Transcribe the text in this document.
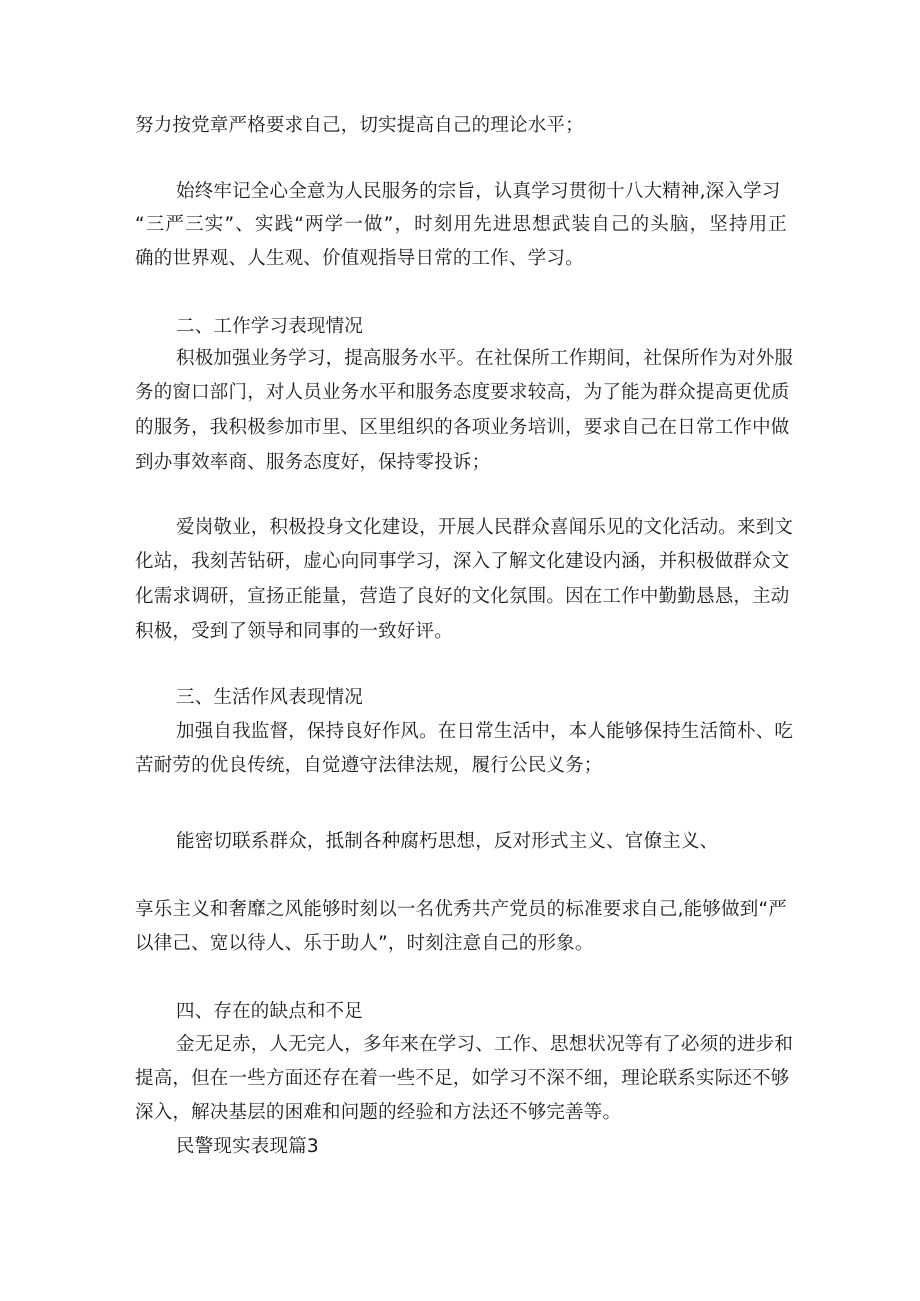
努力按党章严格要求自己，切实提高自己的理论水平；
始终牢记全心全意为人民服务的宗旨，认真学习贯彻十八大精神,深入学习
“三严三实”、实践“两学一做”，时刻用先进思想武装自己的头脑，坚持用正
确的世界观、人生观、价值观指导日常的工作、学习。
二、工作学习表现情况
积极加强业务学习，提高服务水平。在社保所工作期间，社保所作为对外服
务的窗口部门，对人员业务水平和服务态度要求较高，为了能为群众提高更优质
的服务，我积极参加市里、区里组织的各项业务培训，要求自己在日常工作中做
到办事效率商、服务态度好，保持零投诉；
爱岗敬业，积极投身文化建设，开展人民群众喜闻乐见的文化活动。来到文
化站，我刻苦钻研，虚心向同事学习，深入了解文化建设内涵，并积极做群众文
化需求调研，宣扬正能量，营造了良好的文化氛围。因在工作中勤勤恳恳，主动
积极，受到了领导和同事的一致好评。
三、生活作风表现情况
加强自我监督，保持良好作风。在日常生活中，本人能够保持生活简朴、吃
苦耐劳的优良传统，自觉遵守法律法规，履行公民义务；
能密切联系群众，抵制各种腐朽思想，反对形式主义、官僚主义、
享乐主义和奢靡之风能够时刻以一名优秀共产党员的标准要求自己,能够做到“严
以律己、宽以待人、乐于助人”，时刻注意自己的形象。
四、存在的缺点和不足
金无足赤，人无完人，多年来在学习、工作、思想状况等有了必须的进步和
提高，但在一些方面还存在着一些不足，如学习不深不细，理论联系实际还不够
深入，解决基层的困难和问题的经验和方法还不够完善等。
民警现实表现篇3
